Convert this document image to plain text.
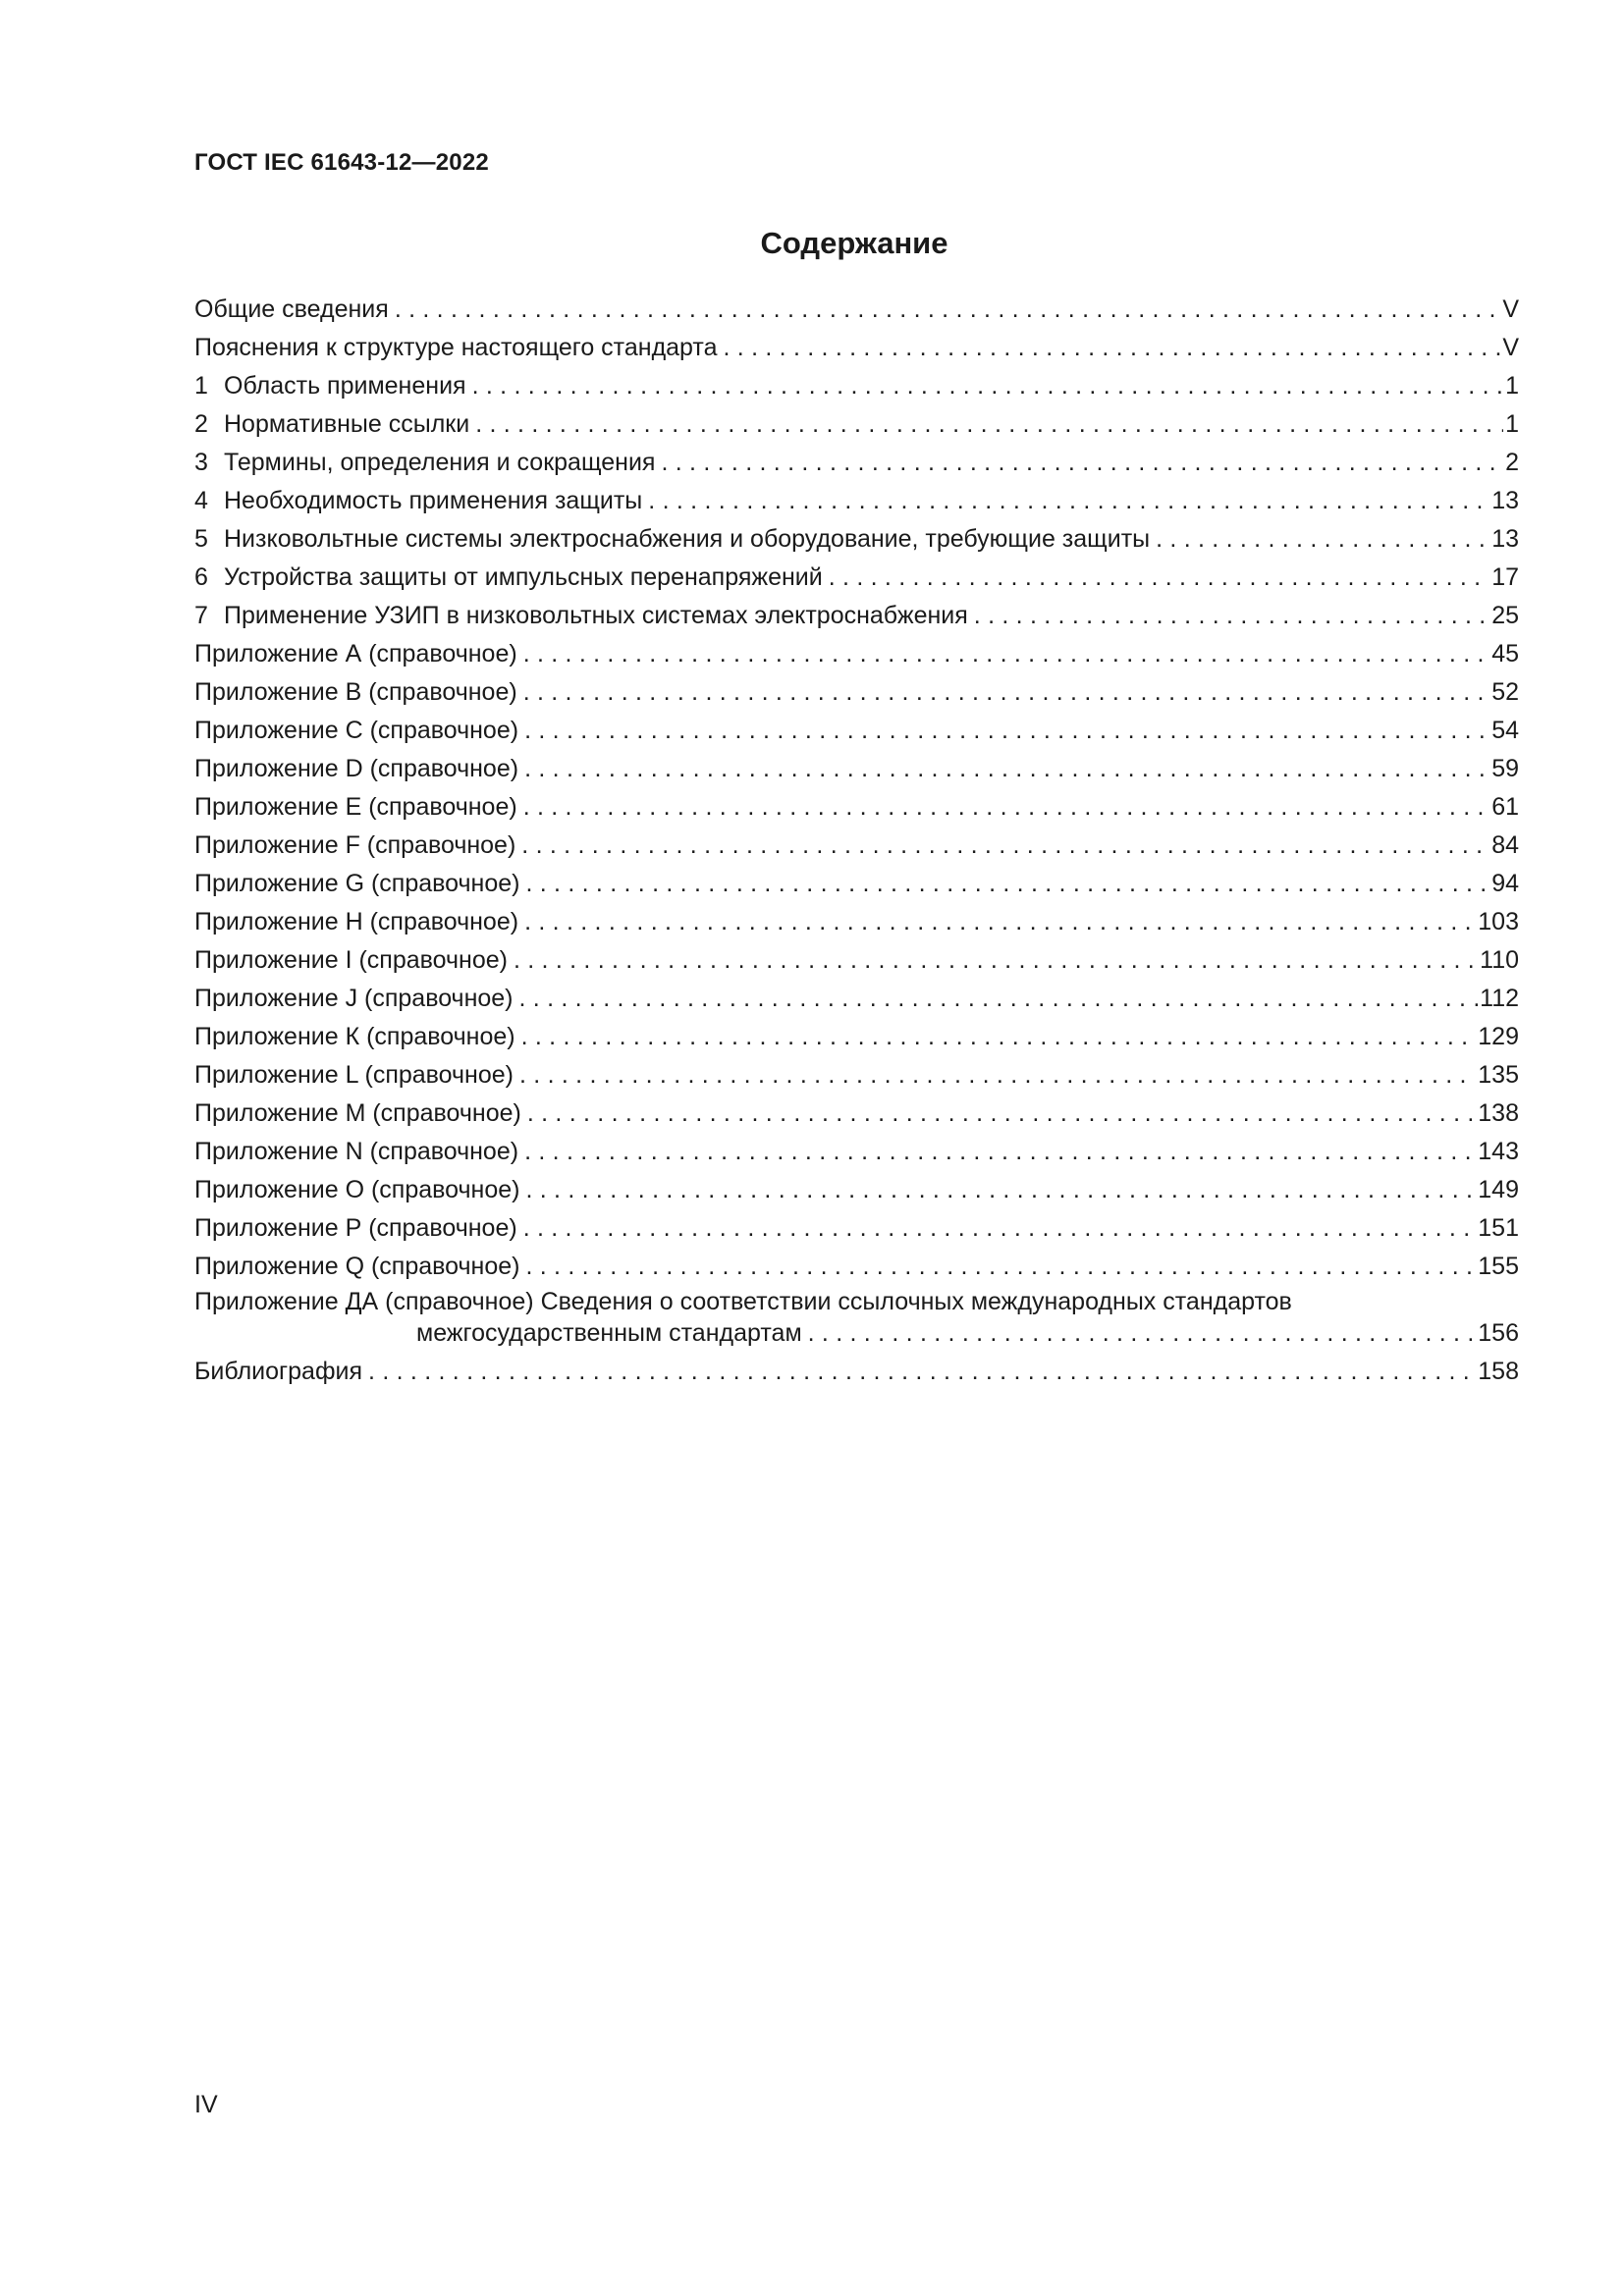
ГОСТ IEC 61643-12—2022
Содержание
Общие сведения . . .	V
Пояснения к структуре настоящего стандарта . . .	V
1 Область применения . . .	1
2 Нормативные ссылки . . .	1
3 Термины, определения и сокращения . . .	2
4 Необходимость применения защиты . . .	13
5 Низковольтные системы электроснабжения и оборудование, требующие защиты . . .	13
6 Устройства защиты от импульсных перенапряжений . . .	17
7 Применение УЗИП в низковольтных системах электроснабжения . . .	25
Приложение А (справочное) . . .	45
Приложение В (справочное) . . .	52
Приложение С (справочное) . . .	54
Приложение D (справочное) . . .	59
Приложение Е (справочное) . . .	61
Приложение F (справочное) . . .	84
Приложение G (справочное) . . .	94
Приложение Н (справочное) . . .	103
Приложение I (справочное) . . .	110
Приложение J (справочное) . . .	112
Приложение К (справочное) . . .	129
Приложение L (справочное) . . .	135
Приложение М (справочное) . . .	138
Приложение N (справочное) . . .	143
Приложение О (справочное) . . .	149
Приложение Р (справочное) . . .	151
Приложение Q (справочное) . . .	155
Приложение ДА (справочное) Сведения о соответствии ссылочных международных стандартов
межгосударственным стандартам . . .	156
Библиография . . .	158
IV
